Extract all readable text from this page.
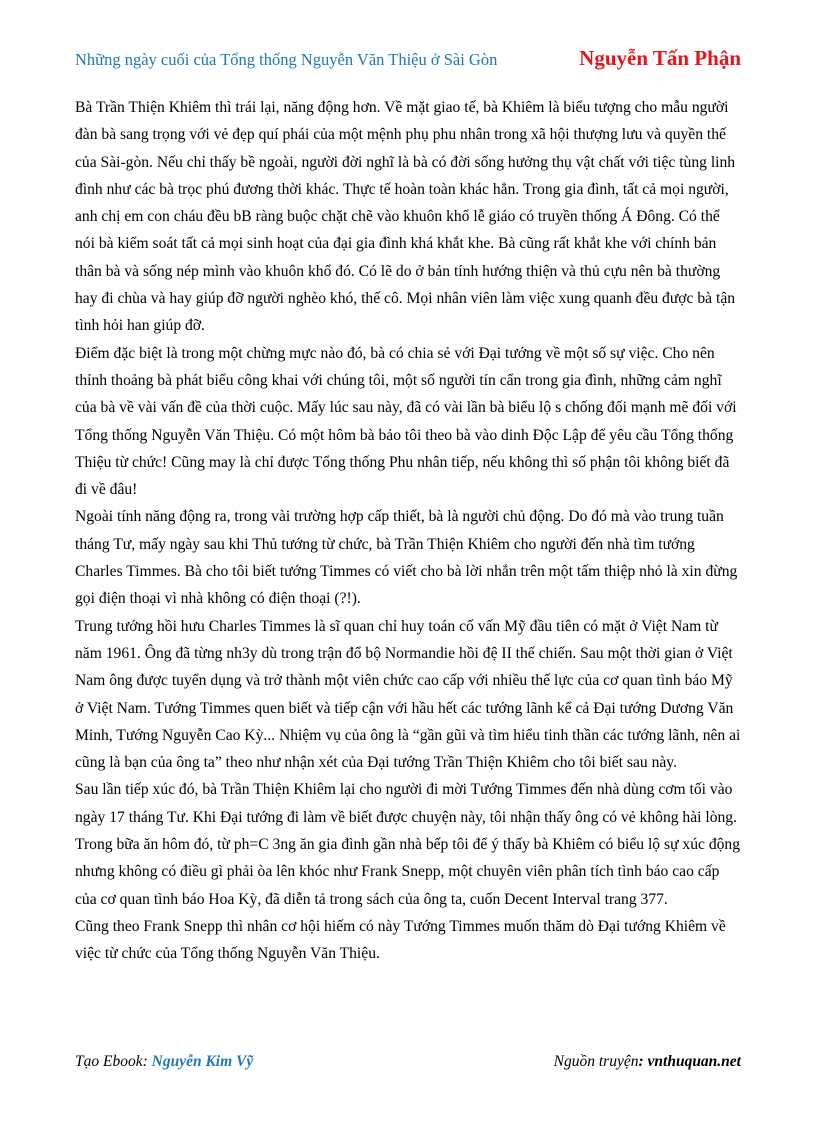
Những ngày cuối của Tổng thống Nguyễn Văn Thiệu ở Sài Gòn	Nguyễn Tấn Phận

Bà Trần Thiện Khiêm thì trái lại, năng động hơn. Về mặt giao tế, bà Khiêm là biểu tượng cho mẫu người đàn bà sang trọng với vẻ đẹp quí phái của một mệnh phụ phu nhân trong xã hội thượng lưu và quyền thế của Sài-gòn. Nếu chỉ thấy bề ngoài, người đời nghĩ là bà có đời sống hưởng thụ vật chất với tiệc tùng linh đình như các bà trọc phú đương thời khác. Thực tế hoàn toàn khác hẳn. Trong gia đình, tất cả mọi người, anh chị em con cháu đều bB ràng buộc chặt chẽ vào khuôn khổ lễ giáo có truyền thống Á Đông. Có thể nói bà kiểm soát tất cả mọi sinh hoạt của đại gia đình khá khắt khe. Bà cũng rất khắt khe với chính bản thân bà và sống nép mình vào khuôn khổ đó. Có lẽ do ở bản tính hướng thiện và thủ cựu nên bà thường hay đi chùa và hay giúp đỡ người nghèo khó, thế cô. Mọi nhân viên làm việc xung quanh đều được bà tận tình hỏi han giúp đỡ.

Điểm đặc biệt là trong một chừng mực nào đó, bà có chia sẻ với Đại tướng về một số sự việc. Cho nên thỉnh thoảng bà phát biểu công khai với chúng tôi, một số người tín cẩn trong gia đình, những cảm nghĩ của bà về vài vấn đề của thời cuộc. Mấy lúc sau này, đã có vài lần bà biểu lộ s chống đối mạnh mẽ đối với Tổng thống Nguyễn Văn Thiệu. Có một hôm bà bảo tôi theo bà vào dinh Độc Lập để yêu cầu Tổng thống Thiệu từ chức! Cũng may là chỉ được Tổng thống Phu nhân tiếp, nếu không thì số phận tôi không biết đã đi về đâu!

Ngoài tính năng động ra, trong vài trường hợp cấp thiết, bà là người chủ động. Do đó mà vào trung tuần tháng Tư, mấy ngày sau khi Thủ tướng từ chức, bà Trần Thiện Khiêm cho người đến nhà tìm tướng Charles Timmes. Bà cho tôi biết tướng Timmes có viết cho bà lời nhắn trên một tấm thiệp nhỏ là xin đừng gọi điện thoại vì nhà không có điện thoại (?!).

Trung tướng hồi hưu Charles Timmes là sĩ quan chỉ huy toán cố vấn Mỹ đầu tiên có mặt ở Việt Nam từ năm 1961. Ông đã từng nh3y dù trong trận đổ bộ Normandie hồi đệ II thế chiến. Sau một thời gian ở Việt Nam ông được tuyển dụng và trở thành một viên chức cao cấp với nhiều thế lực của cơ quan tình báo Mỹ ở Việt Nam. Tướng Timmes quen biết và tiếp cận với hầu hết các tướng lãnh kể cả Đại tướng Dương Văn Minh, Tướng Nguyễn Cao Kỳ... Nhiệm vụ của ông là “gần gũi và tìm hiểu tinh thần các tướng lãnh, nên ai cũng là bạn của ông ta” theo như nhận xét của Đại tướng Trần Thiện Khiêm cho tôi biết sau này.

Sau lần tiếp xúc đó, bà Trần Thiện Khiêm lại cho người đi mời Tướng Timmes đến nhà dùng cơm tối vào ngày 17 tháng Tư. Khi Đại tướng đi làm về biết được chuyện này, tôi nhận thấy ông có vẻ không hài lòng. Trong bữa ăn hôm đó, từ ph=C 3ng ăn gia đình gần nhà bếp tôi để ý thấy bà Khiêm có biểu lộ sự xúc động nhưng không có điều gì phải òa lên khóc như Frank Snepp, một chuyên viên phân tích tình báo cao cấp của cơ quan tình báo Hoa Kỳ, đã diễn tả trong sách của ông ta, cuốn Decent Interval trang 377.

Cũng theo Frank Snepp thì nhân cơ hội hiếm có này Tướng Timmes muốn thăm dò Đại tướng Khiêm về việc từ chức của Tổng thống Nguyễn Văn Thiệu.

Tạo Ebook: Nguyễn Kim Vỹ	Nguồn truyện: vnthuquan.net
